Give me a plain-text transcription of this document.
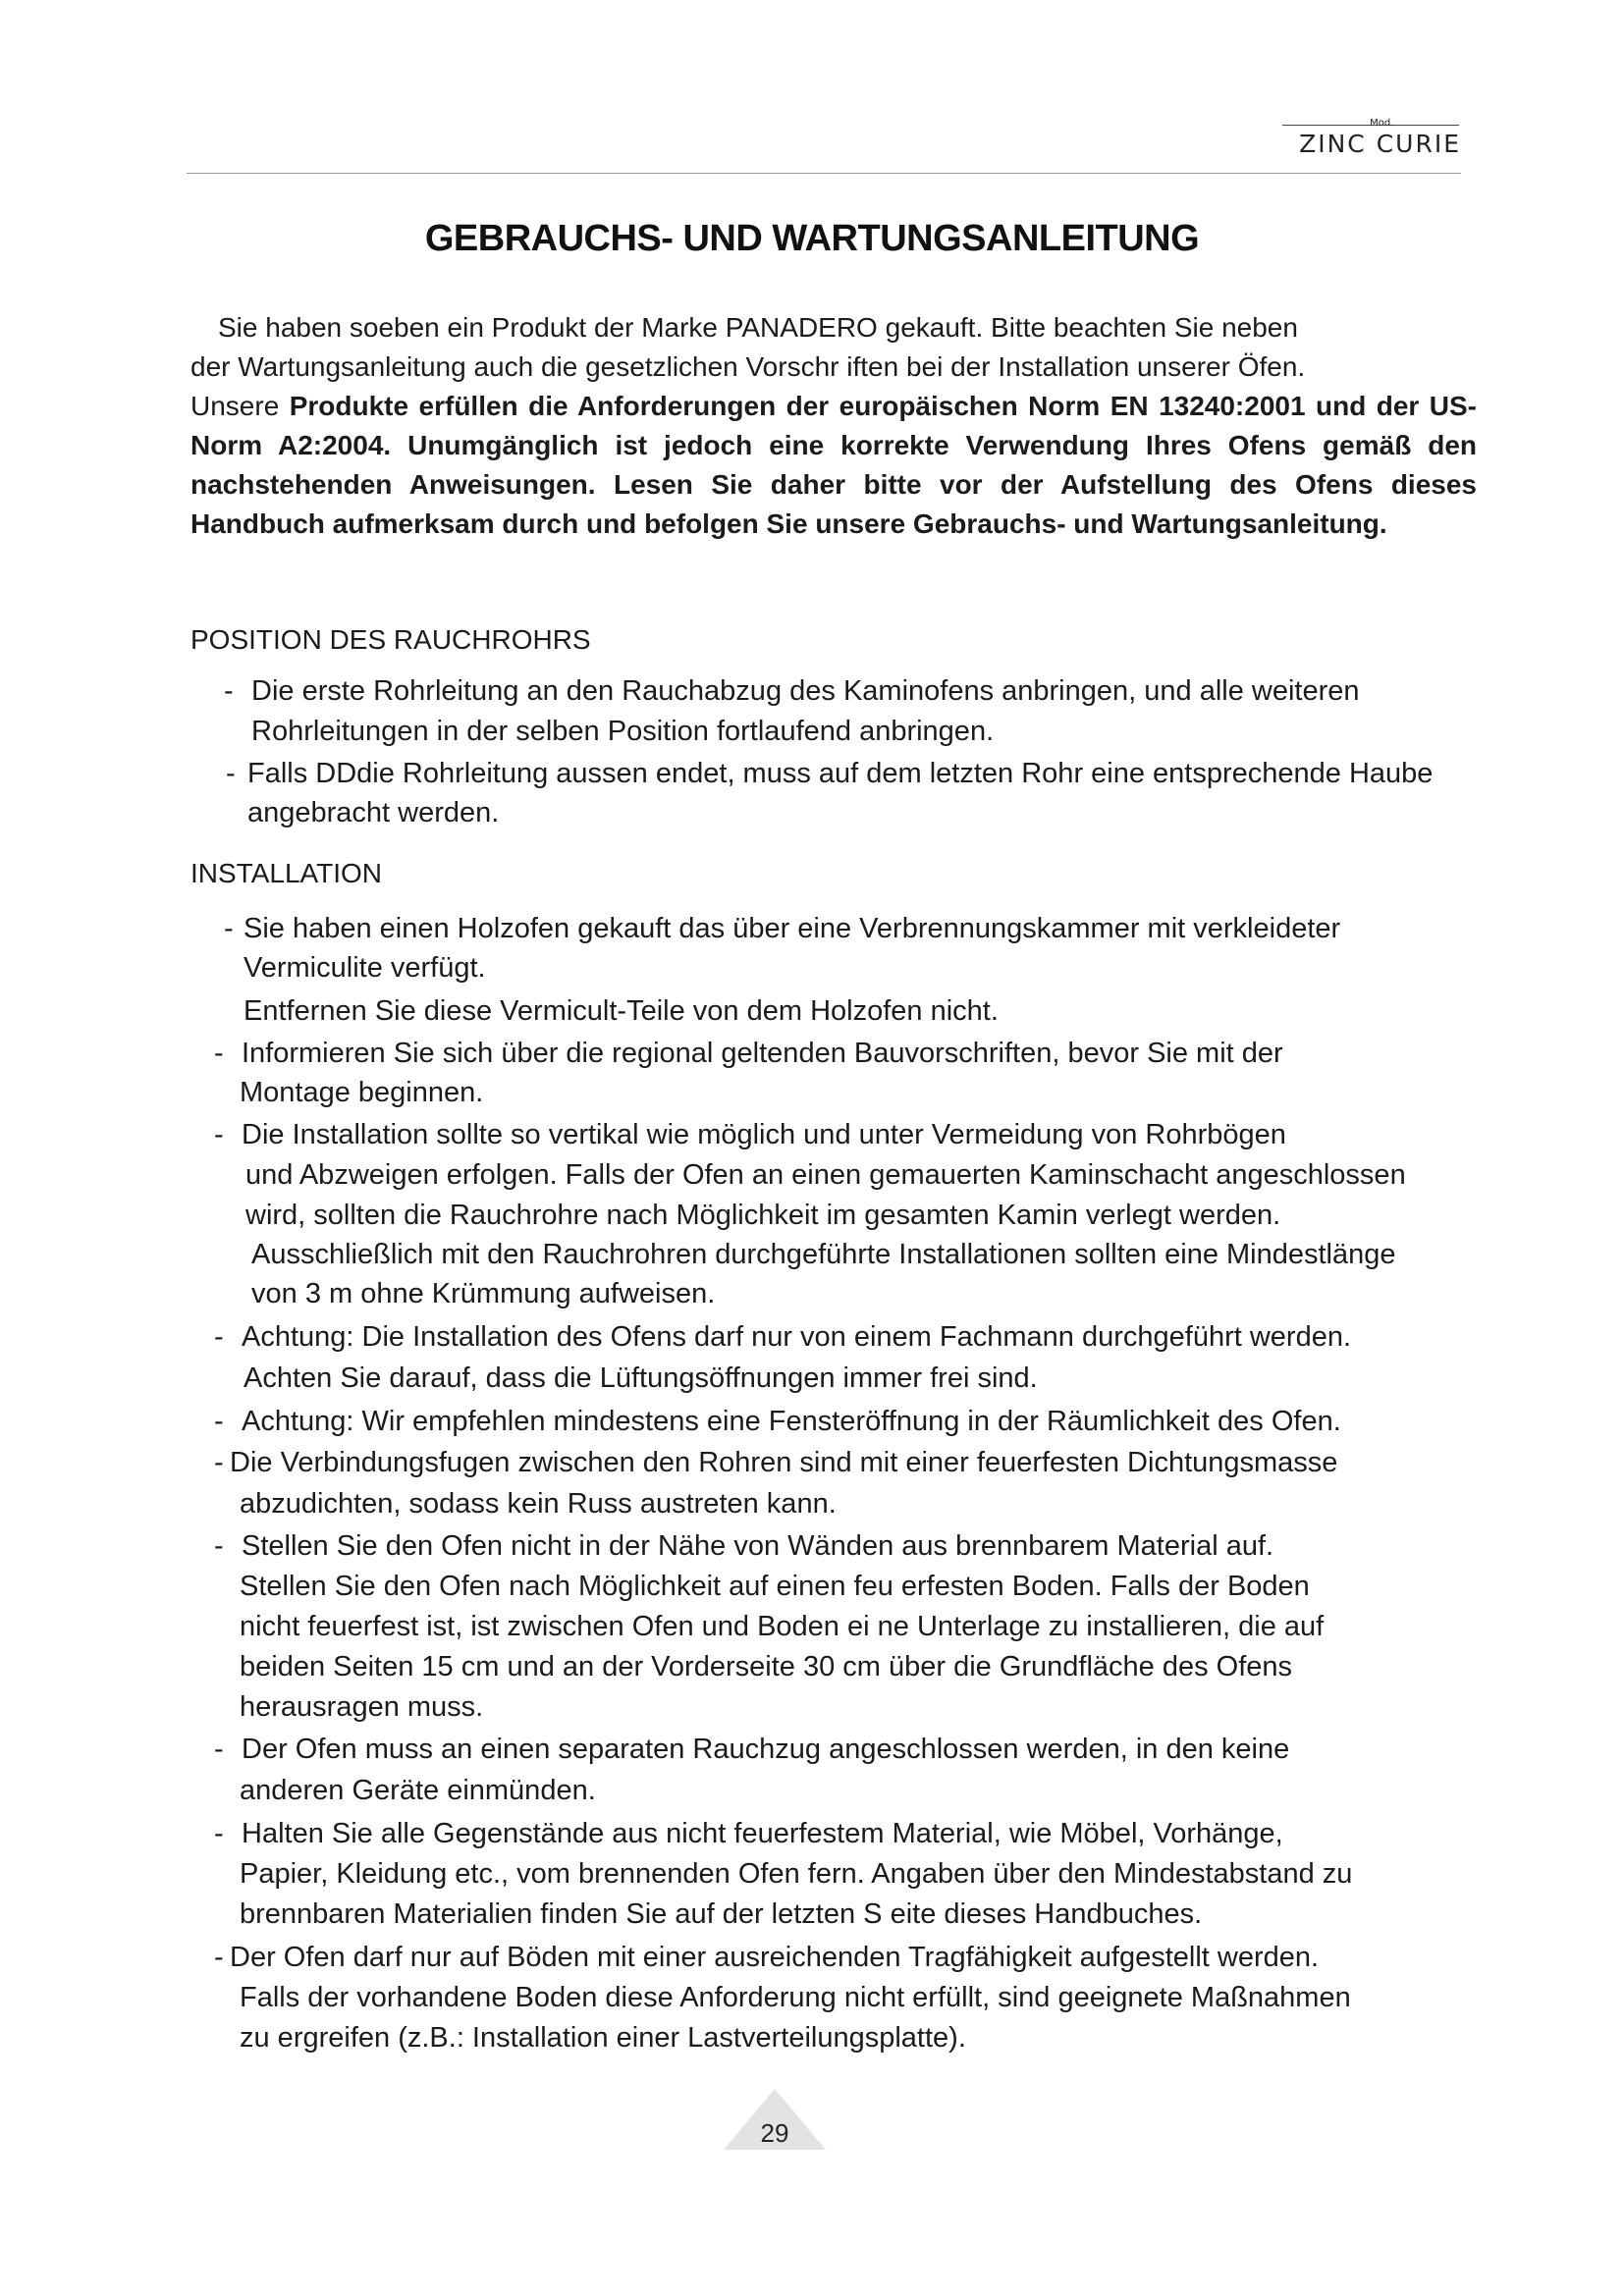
Mod.
ZINC CURIE
GEBRAUCHS- UND WARTUNGSANLEITUNG

Sie haben soeben ein Produkt der Marke PANADERO gekauft. Bitte beachten Sie neben

der Wartungsanleitung auch die gesetzlichen Vorschr iften bei der Installation unserer Öfen.

Unsere Produkte erfüllen die Anforderungen der europäischen Norm EN 13240:2001 und der US-Norm A2:2004. Unumgänglich ist jedoch eine korrekte Verwendung Ihres Ofens gemäß den nachstehenden Anweisungen. Lesen Sie daher bitte vor der Aufstellung des Ofens dieses Handbuch aufmerksam durch und befolgen Sie unsere Gebrauchs- und Wartungsanleitung.

POSITION DES RAUCHROHRS
- Die erste Rohrleitung an den Rauchabzug des Kaminofens anbringen, und alle weiteren
Rohrleitungen in der selben Position fortlaufend anbringen.
- Falls DDdie Rohrleitung aussen endet, muss auf dem letzten Rohr eine entsprechende Haube
angebracht werden.
INSTALLATION
- Sie haben einen Holzofen gekauft das über eine Verbrennungskammer mit verkleideter
Vermiculite verfügt.
Entfernen Sie diese Vermicult-Teile von dem Holzofen nicht.
- Informieren Sie sich über die regional geltenden Bauvorschriften, bevor Sie mit der
Montage beginnen.
- Die Installation sollte so vertikal wie möglich und unter Vermeidung von Rohrbögen
und Abzweigen erfolgen. Falls der Ofen an einen gemauerten Kaminschacht angeschlossen
wird, sollten die Rauchrohre nach Möglichkeit im gesamten Kamin verlegt werden.
Ausschließlich mit den Rauchrohren durchgeführte Installationen sollten eine Mindestlänge
von 3 m ohne Krümmung aufweisen.
- Achtung: Die Installation des Ofens darf nur von einem Fachmann durchgeführt werden.
Achten Sie darauf, dass die Lüftungsöffnungen immer frei sind.
- Achtung: Wir empfehlen mindestens eine Fensteröffnung in der Räumlichkeit des Ofen.
- Die Verbindungsfugen zwischen den Rohren sind mit einer feuerfesten Dichtungsmasse
abzudichten, sodass kein Russ austreten kann.
- Stellen Sie den Ofen nicht in der Nähe von Wänden aus brennbarem Material auf.
Stellen Sie den Ofen nach Möglichkeit auf einen feu erfesten Boden. Falls der Boden
nicht feuerfest ist, ist zwischen Ofen und Boden ei ne Unterlage zu installieren, die auf
beiden Seiten 15 cm und an der Vorderseite 30 cm über die Grundfläche des Ofens
herausragen muss.
- Der Ofen muss an einen separaten Rauchzug angeschlossen werden, in den keine
anderen Geräte einmünden.
- Halten Sie alle Gegenstände aus nicht feuerfestem Material, wie Möbel, Vorhänge,
Papier, Kleidung etc., vom brennenden Ofen fern. Angaben über den Mindestabstand zu
brennbaren Materialien finden Sie auf der letzten S eite dieses Handbuches.
- Der Ofen darf nur auf Böden mit einer ausreichenden Tragfähigkeit aufgestellt werden.
Falls der vorhandene Boden diese Anforderung nicht erfüllt, sind geeignete Maßnahmen
zu ergreifen (z.B.: Installation einer Lastverteilungsplatte).
29
